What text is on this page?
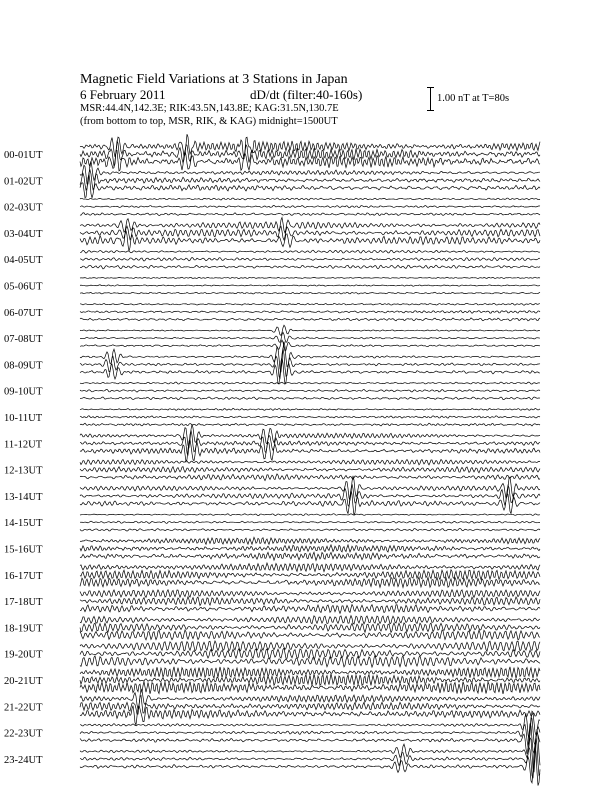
Magnetic Field Variations at 3 Stations in Japan
6 February 2011	dD/dt (filter:40-160s)
MSR:44.4N,142.3E; RIK:43.5N,143.8E; KAG:31.5N,130.7E
(from bottom to top, MSR, RIK, & KAG) midnight=1500UT
1.00 nT at T=80s
00-01UT
01-02UT
02-03UT
03-04UT
04-05UT
05-06UT
06-07UT
07-08UT
08-09UT
09-10UT
10-11UT
11-12UT
12-13UT
13-14UT
14-15UT
15-16UT
16-17UT
17-18UT
18-19UT
19-20UT
20-21UT
21-22UT
22-23UT
23-24UT
